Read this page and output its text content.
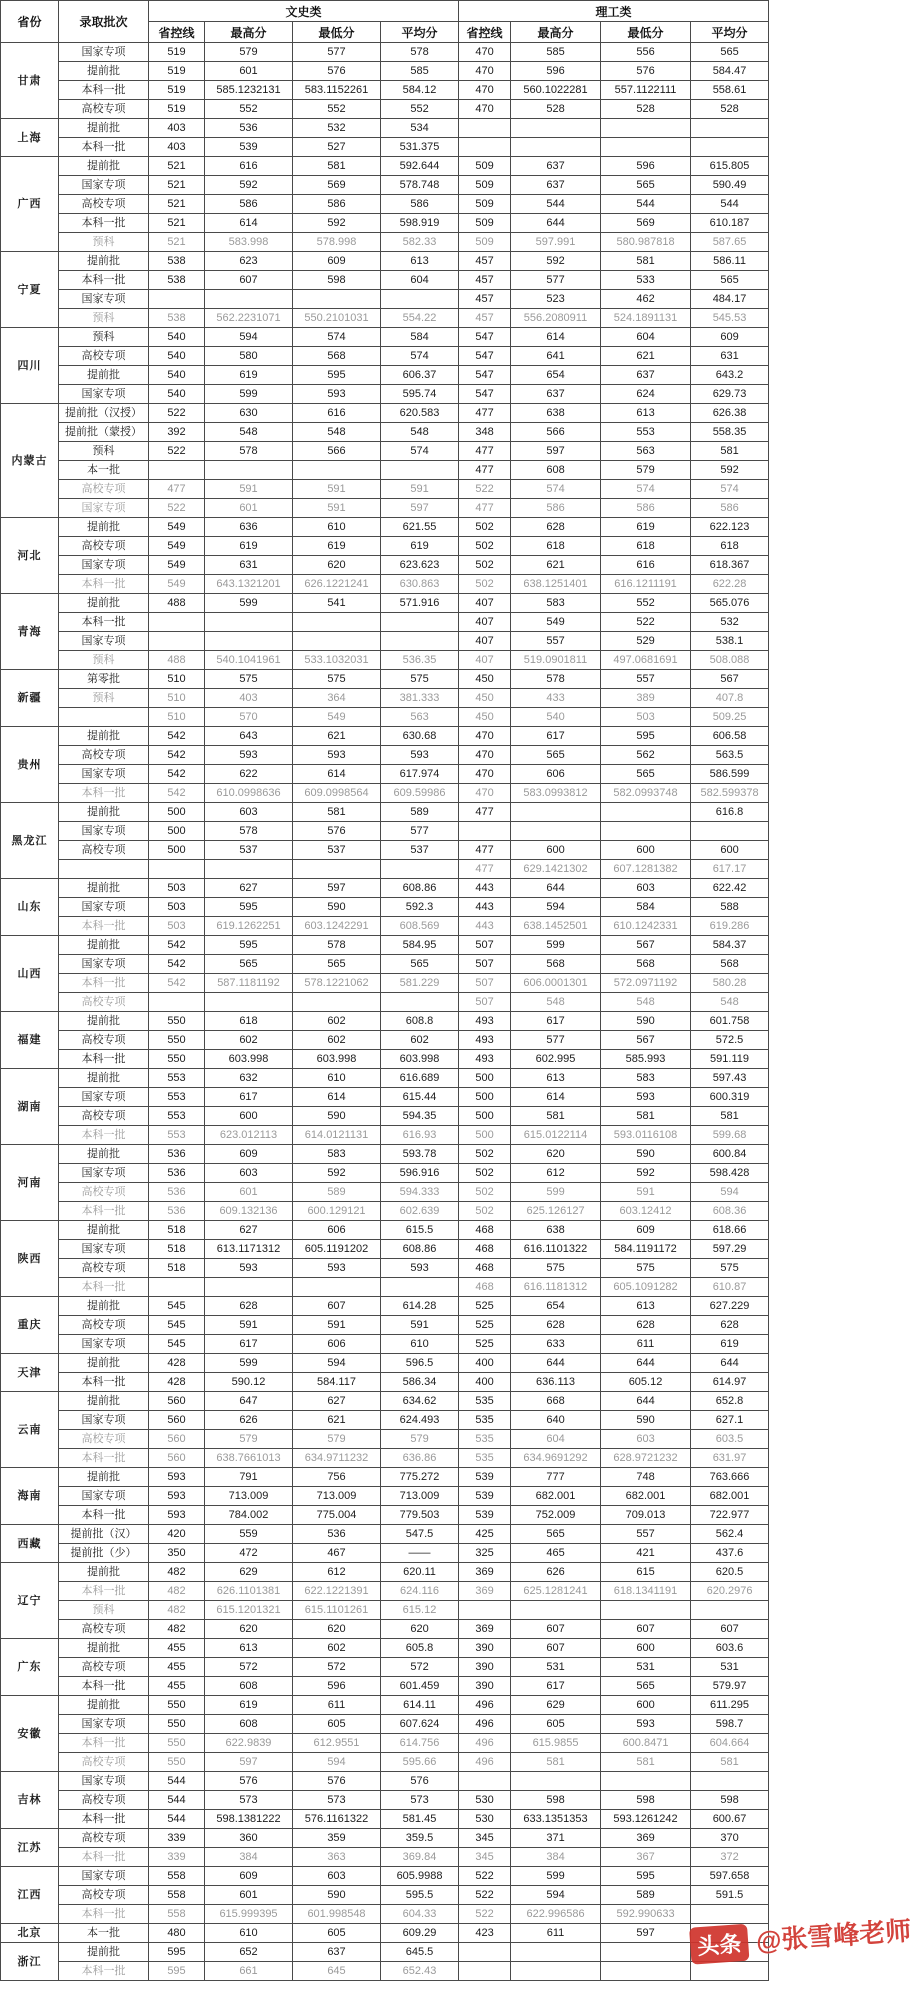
省份	录取批次	文史类				理工类			
		省控线	最高分	最低分	平均分	省控线	最高分	最低分	平均分
甘肃	国家专项	519	579	577	578	470	585	556	565
	提前批	519	601	576	585	470	596	576	584.47
	本科一批	519	585.1232131	583.1152261	584.12	470	560.1022281	557.1122111	558.61
	高校专项	519	552	552	552	470	528	528	528
上海	提前批	403	536	532	534				
	本科一批	403	539	527	531.375				
广西	提前批	521	616	581	592.644	509	637	596	615.805
	国家专项	521	592	569	578.748	509	637	565	590.49
	高校专项	521	586	586	586	509	544	544	544
	本科一批	521	614	592	598.919	509	644	569	610.187
	预科	521	583.998	578.998	582.33	509	597.991	580.987818	587.65
宁夏	提前批	538	623	609	613	457	592	581	586.11
	本科一批	538	607	598	604	457	577	533	565
	国家专项					457	523	462	484.17
	预科	538	562.2231071	550.2101031	554.22	457	556.2080911	524.1891131	545.53
四川	预科	540	594	574	584	547	614	604	609
	高校专项	540	580	568	574	547	641	621	631
	提前批	540	619	595	606.37	547	654	637	643.2
	国家专项	540	599	593	595.74	547	637	624	629.73
内蒙古	提前批（汉授）	522	630	616	620.583	477	638	613	626.38
	提前批（蒙授）	392	548	548	548	348	566	553	558.35
	预科	522	578	566	574	477	597	563	581
	本一批					477	608	579	592
	高校专项	477	591	591	591	522	574	574	574
	国家专项	522	601	591	597	477	586	586	586
河北	提前批	549	636	610	621.55	502	628	619	622.123
	高校专项	549	619	619	619	502	618	618	618
	国家专项	549	631	620	623.623	502	621	616	618.367
	本科一批	549	643.1321201	626.1221241	630.863	502	638.1251401	616.1211191	622.28
青海	提前批	488	599	541	571.916	407	583	552	565.076
	本科一批					407	549	522	532
	国家专项					407	557	529	538.1
	预科	488	540.1041961	533.1032031	536.35	407	519.0901811	497.0681691	508.088
新疆	第零批	510	575	575	575	450	578	557	567
	预科	510	403	364	381.333	450	433	389	407.8
		510	570	549	563	450	540	503	509.25
贵州	提前批	542	643	621	630.68	470	617	595	606.58
	高校专项	542	593	593	593	470	565	562	563.5
	国家专项	542	622	614	617.974	470	606	565	586.599
	本科一批	542	610.0998636	609.0998564	609.59986	470	583.0993812	582.0993748	582.599378
黑龙江	提前批	500	603	581	589	477			616.8
	国家专项	500	578	576	577				
	高校专项	500	537	537	537	477	600	600	600
						477	629.1421302	607.1281382	617.17
山东	提前批	503	627	597	608.86	443	644	603	622.42
	国家专项	503	595	590	592.3	443	594	584	588
	本科一批	503	619.1262251	603.1242291	608.569	443	638.1452501	610.1242331	619.286
山西	提前批	542	595	578	584.95	507	599	567	584.37
	国家专项	542	565	565	565	507	568	568	568
	本科一批	542	587.1181192	578.1221062	581.229	507	606.0001301	572.0971192	580.28
	高校专项					507	548	548	548
福建	提前批	550	618	602	608.8	493	617	590	601.758
	高校专项	550	602	602	602	493	577	567	572.5
	本科一批	550	603.998	603.998	603.998	493	602.995	585.993	591.119
湖南	提前批	553	632	610	616.689	500	613	583	597.43
	国家专项	553	617	614	615.44	500	614	593	600.319
	高校专项	553	600	590	594.35	500	581	581	581
	本科一批	553	623.012113	614.0121131	616.93	500	615.0122114	593.0116108	599.68
河南	提前批	536	609	583	593.78	502	620	590	600.84
	国家专项	536	603	592	596.916	502	612	592	598.428
	高校专项	536	601	589	594.333	502	599	591	594
	本科一批	536	609.132136	600.129121	602.639	502	625.126127	603.12412	608.36
陕西	提前批	518	627	606	615.5	468	638	609	618.66
	国家专项	518	613.1171312	605.1191202	608.86	468	616.1101322	584.1191172	597.29
	高校专项	518	593	593	593	468	575	575	575
	本科一批					468	616.1181312	605.1091282	610.87
重庆	提前批	545	628	607	614.28	525	654	613	627.229
	高校专项	545	591	591	591	525	628	628	628
	国家专项	545	617	606	610	525	633	611	619
天津	提前批	428	599	594	596.5	400	644	644	644
	本科一批	428	590.12	584.117	586.34	400	636.113	605.12	614.97
云南	提前批	560	647	627	634.62	535	668	644	652.8
	国家专项	560	626	621	624.493	535	640	590	627.1
	高校专项	560	579	579	579	535	604	603	603.5
	本科一批	560	638.7661013	634.9711232	636.86	535	634.9691292	628.9721232	631.97
海南	提前批	593	791	756	775.272	539	777	748	763.666
	国家专项	593	713.009	713.009	713.009	539	682.001	682.001	682.001
	本科一批	593	784.002	775.004	779.503	539	752.009	709.013	722.977
西藏	提前批（汉）	420	559	536	547.5	425	565	557	562.4
	提前批（少）	350	472	467	——	325	465	421	437.6
辽宁	提前批	482	629	612	620.11	369	626	615	620.5
	本科一批	482	626.1101381	622.1221391	624.116	369	625.1281241	618.1341191	620.2976
	预科	482	615.1201321	615.1101261	615.12				
	高校专项	482	620	620	620	369	607	607	607
广东	提前批	455	613	602	605.8	390	607	600	603.6
	高校专项	455	572	572	572	390	531	531	531
	本科一批	455	608	596	601.459	390	617	565	579.97
安徽	提前批	550	619	611	614.11	496	629	600	611.295
	国家专项	550	608	605	607.624	496	605	593	598.7
	本科一批	550	622.9839	612.9551	614.756	496	615.9855	600.8471	604.664
	高校专项	550	597	594	595.66	496	581	581	581
吉林	国家专项	544	576	576	576				
	高校专项	544	573	573	573	530	598	598	598
	本科一批	544	598.1381222	576.1161322	581.45	530	633.1351353	593.1261242	600.67
江苏	高校专项	339	360	359	359.5	345	371	369	370
	本科一批	339	384	363	369.84	345	384	367	372
江西	国家专项	558	609	603	605.9988	522	599	595	597.658
	高校专项	558	601	590	595.5	522	594	589	591.5
	本科一批	558	615.999395	601.998548	604.33	522	622.996586	592.990633	
北京	本一批	480	610	605	609.29	423	611	597	
浙江	提前批	595	652	637	645.5				
	本科一批	595	661	645	652.43				
头条 @张雪峰老师
